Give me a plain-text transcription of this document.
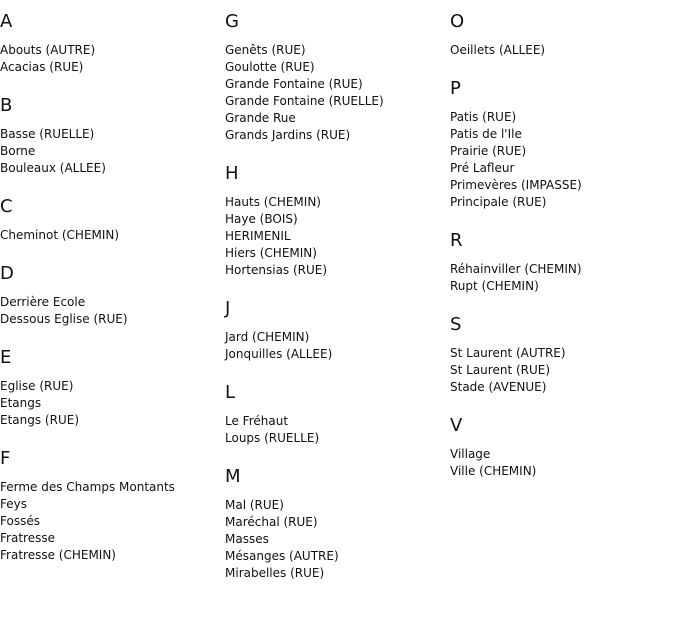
A
Abouts (AUTRE)
Acacias (RUE)
B
Basse (RUELLE)
Borne
Bouleaux (ALLEE)
C
Cheminot (CHEMIN)
D
Derrière Ecole
Dessous Eglise (RUE)
E
Eglise (RUE)
Etangs
Etangs (RUE)
F
Ferme des Champs Montants
Feys
Fossés
Fratresse
Fratresse (CHEMIN)
G
Genêts (RUE)
Goulotte (RUE)
Grande Fontaine (RUE)
Grande Fontaine (RUELLE)
Grande Rue
Grands Jardins (RUE)
H
Hauts (CHEMIN)
Haye (BOIS)
HERIMENIL
Hiers (CHEMIN)
Hortensias (RUE)
J
Jard (CHEMIN)
Jonquilles (ALLEE)
L
Le Fréhaut
Loups (RUELLE)
M
Mal (RUE)
Maréchal (RUE)
Masses
Mésanges (AUTRE)
Mirabelles (RUE)
O
Oeillets (ALLEE)
P
Patis (RUE)
Patis de l'Ile
Prairie (RUE)
Pré Lafleur
Primevères (IMPASSE)
Principale (RUE)
R
Réhainviller (CHEMIN)
Rupt (CHEMIN)
S
St Laurent (AUTRE)
St Laurent (RUE)
Stade (AVENUE)
V
Village
Ville (CHEMIN)
